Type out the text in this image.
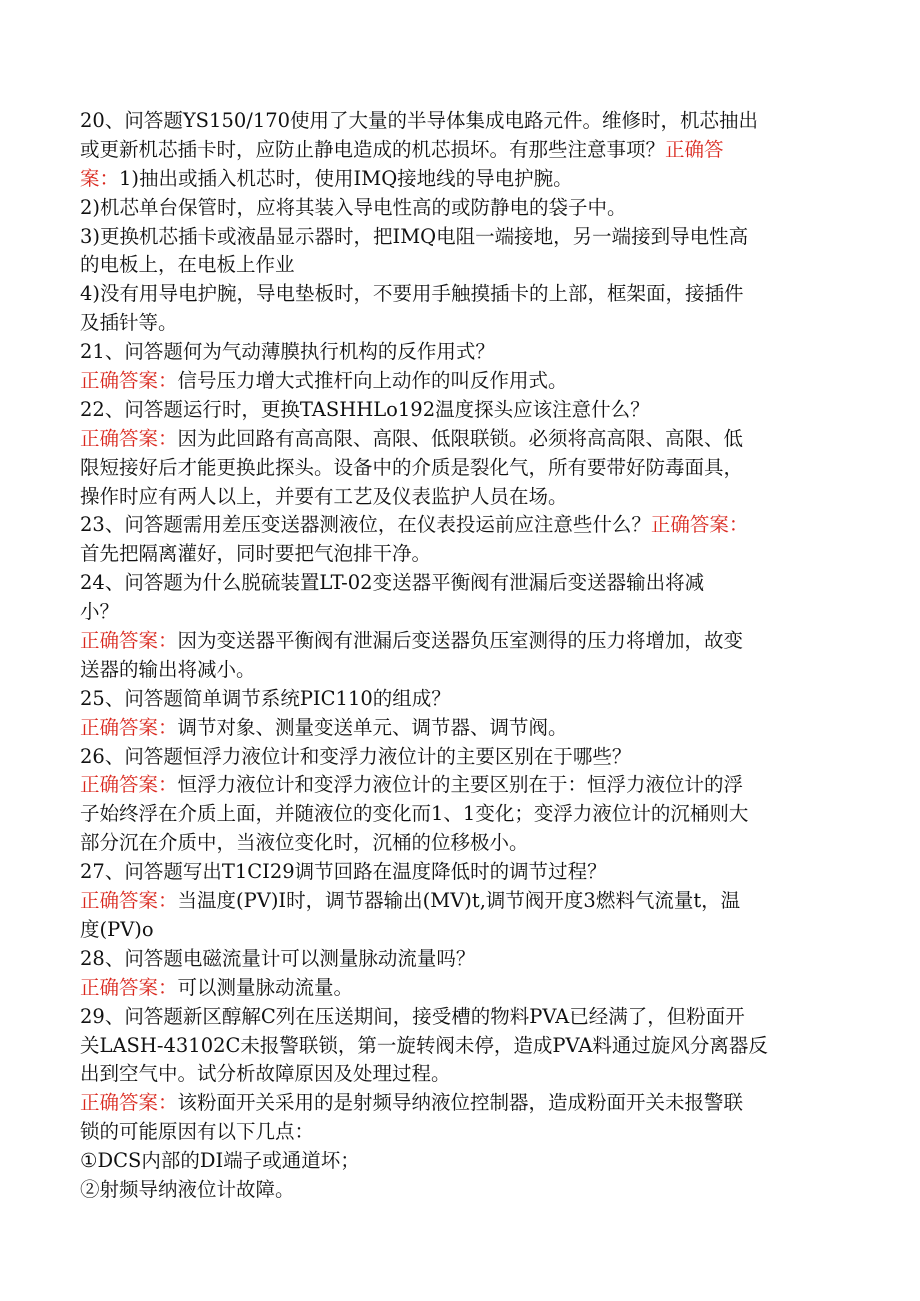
20、问答题YS150/170使用了大量的半导体集成电路元件。维修时，机芯抽出
或更新机芯插卡时，应防止静电造成的机芯损坏。有那些注意事项？正确答
案：1)抽出或插入机芯时，使用IMQ接地线的导电护腕。
2)机芯单台保管时，应将其装入导电性高的或防静电的袋子中。
3)更换机芯插卡或液晶显示器时，把IMQ电阻一端接地，另一端接到导电性高
的电板上，在电板上作业
4)没有用导电护腕，导电垫板时，不要用手触摸插卡的上部，框架面，接插件
及插针等。
21、问答题何为气动薄膜执行机构的反作用式？
正确答案：信号压力增大式推杆向上动作的叫反作用式。
22、问答题运行时，更换TASHHLo192温度探头应该注意什么？
正确答案：因为此回路有高高限、高限、低限联锁。必须将高高限、高限、低
限短接好后才能更换此探头。设备中的介质是裂化气，所有要带好防毒面具，
操作时应有两人以上，并要有工艺及仪表监护人员在场。
23、问答题需用差压变送器测液位，在仪表投运前应注意些什么？正确答案：
首先把隔离灌好，同时要把气泡排干净。
24、问答题为什么脱硫装置LT-02变送器平衡阀有泄漏后变送器输出将减
小？
正确答案：因为变送器平衡阀有泄漏后变送器负压室测得的压力将增加，故变
送器的输出将减小。
25、问答题简单调节系统PIC110的组成？
正确答案：调节对象、测量变送单元、调节器、调节阀。
26、问答题恒浮力液位计和变浮力液位计的主要区别在于哪些？
正确答案：恒浮力液位计和变浮力液位计的主要区别在于：恒浮力液位计的浮
子始终浮在介质上面，并随液位的变化而1、1变化；变浮力液位计的沉桶则大
部分沉在介质中，当液位变化时，沉桶的位移极小。
27、问答题写出T1CI29调节回路在温度降低时的调节过程？
正确答案：当温度(PV)I时，调节器输出(MV)t,调节阀开度3燃料气流量t，温
度(PV)o
28、问答题电磁流量计可以测量脉动流量吗？
正确答案：可以测量脉动流量。
29、问答题新区醇解C列在压送期间，接受槽的物料PVA已经满了，但粉面开
关LASH-43102C未报警联锁，第一旋转阀未停，造成PVA料通过旋风分离器反
出到空气中。试分析故障原因及处理过程。
正确答案：该粉面开关采用的是射频导纳液位控制器，造成粉面开关未报警联
锁的可能原因有以下几点：
①DCS内部的DI端子或通道坏；
②射频导纳液位计故障。
